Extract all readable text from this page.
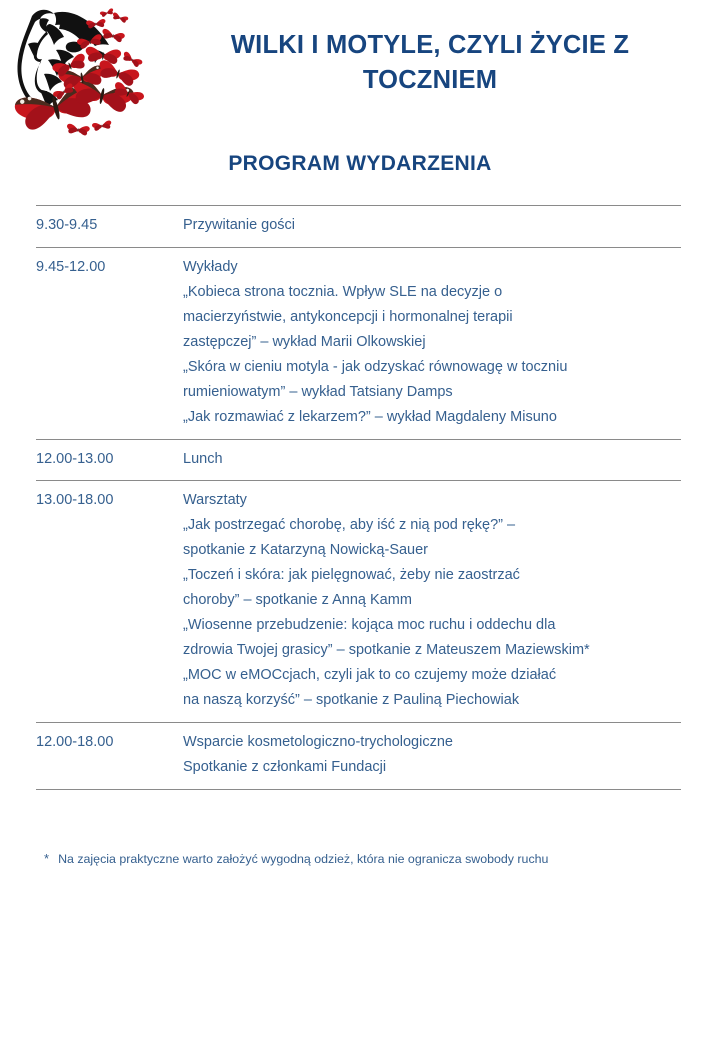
WILKI I MOTYLE, CZYLI ŻYCIE Z
TOCZNIEM
PROGRAM WYDARZENIA
9.30-9.45	Przywitanie gości

9.45-12.00	Wykłady
„Kobieca strona tocznia. Wpływ SLE na decyzje o
macierzyństwie, antykoncepcji i hormonalnej terapii
zastępczej” – wykład Marii Olkowskiej
„Skóra w cieniu motyla - jak odzyskać równowagę w toczniu
rumieniowatym” – wykład Tatsiany Damps
„Jak rozmawiać z lekarzem?” – wykład Magdaleny Misuno

12.00-13.00	Lunch

13.00-18.00	Warsztaty
„Jak postrzegać chorobę, aby iść z nią pod rękę?” –
spotkanie z Katarzyną Nowicką-Sauer
„Toczeń i skóra: jak pielęgnować, żeby nie zaostrzać
choroby” – spotkanie z Anną Kamm
„Wiosenne przebudzenie: kojąca moc ruchu i oddechu dla
zdrowia Twojej grasicy” – spotkanie z Mateuszem Maziewskim*
„MOC w eMOCcjach, czyli jak to co czujemy może działać
na naszą korzyść” – spotkanie z Pauliną Piechowiak

12.00-18.00	Wsparcie kosmetologiczno-trychologiczne
Spotkanie z członkami Fundacji
* Na zajęcia praktyczne warto założyć wygodną odzież, która nie ogranicza swobody ruchu
